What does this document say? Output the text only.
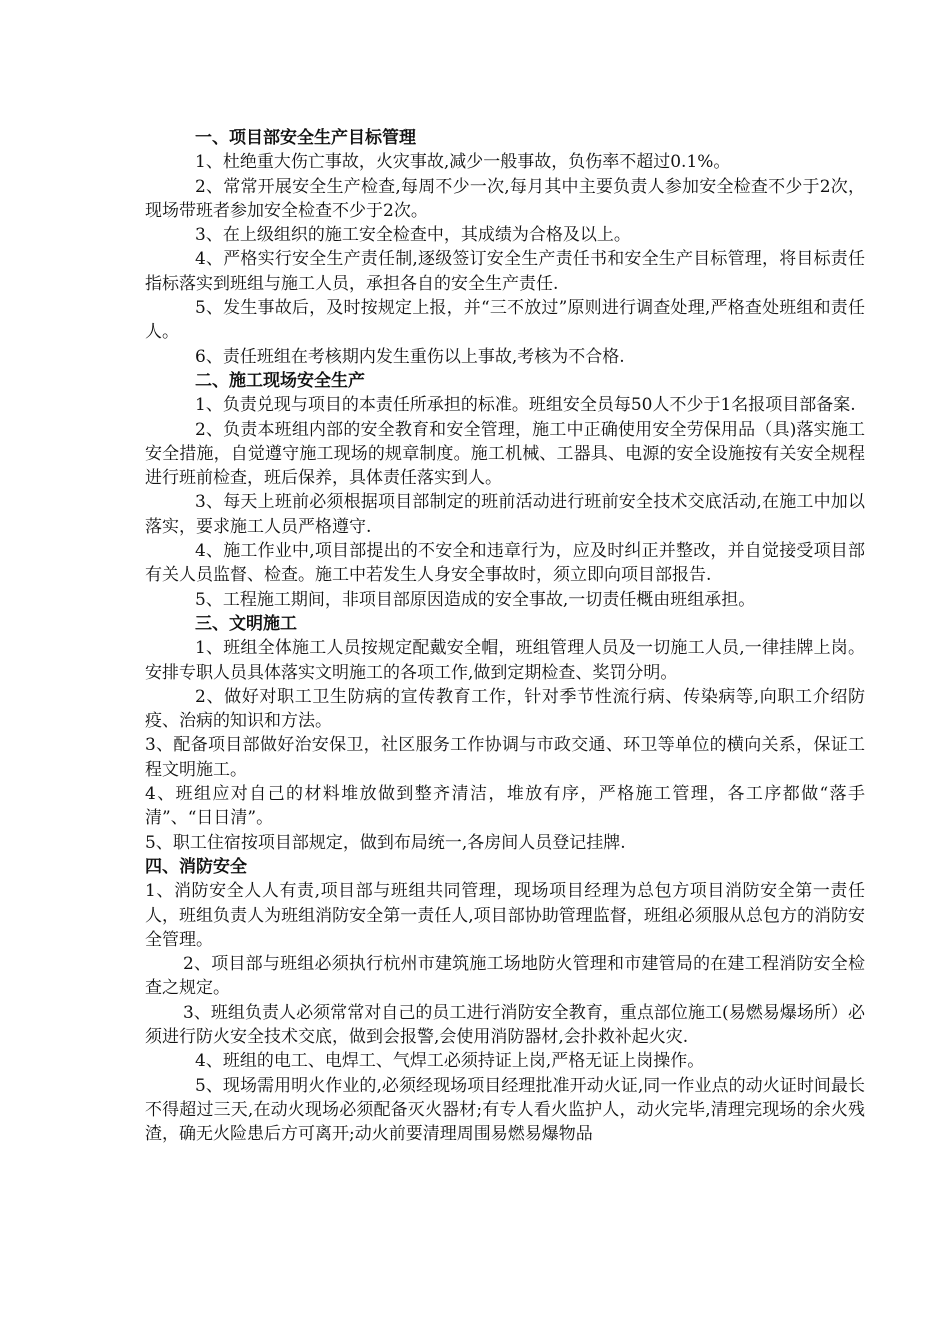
一、项目部安全生产目标管理

1、杜绝重大伤亡事故，火灾事故,减少一般事故，负伤率不超过0.1%。

2、常常开展安全生产检查,每周不少一次,每月其中主要负责人参加安全检查不少于2次，现场带班者参加安全检查不少于2次。

3、在上级组织的施工安全检查中，其成绩为合格及以上。

4、严格实行安全生产责任制,逐级签订安全生产责任书和安全生产目标管理，将目标责任指标落实到班组与施工人员，承担各自的安全生产责任.

5、发生事故后，及时按规定上报，并“三不放过”原则进行调查处理,严格查处班组和责任人。

6、责任班组在考核期内发生重伤以上事故,考核为不合格.

二、施工现场安全生产

1、负责兑现与项目的本责任所承担的标准。班组安全员每50人不少于1名报项目部备案.

2、负责本班组内部的安全教育和安全管理，施工中正确使用安全劳保用品（具)落实施工安全措施，自觉遵守施工现场的规章制度。施工机械、工器具、电源的安全设施按有关安全规程进行班前检查，班后保养，具体责任落实到人。

3、每天上班前必须根据项目部制定的班前活动进行班前安全技术交底活动,在施工中加以落实，要求施工人员严格遵守.

4、施工作业中,项目部提出的不安全和违章行为，应及时纠正并整改，并自觉接受项目部有关人员监督、检查。施工中若发生人身安全事故时，须立即向项目部报告.

5、工程施工期间，非项目部原因造成的安全事故,一切责任概由班组承担。

三、文明施工

1、班组全体施工人员按规定配戴安全帽，班组管理人员及一切施工人员,一律挂牌上岗。安排专职人员具体落实文明施工的各项工作,做到定期检查、奖罚分明。

2、做好对职工卫生防病的宣传教育工作，针对季节性流行病、传染病等,向职工介绍防疫、治病的知识和方法。

3、配备项目部做好治安保卫，社区服务工作协调与市政交通、环卫等单位的横向关系，保证工程文明施工。

4、班组应对自己的材料堆放做到整齐清洁，堆放有序，严格施工管理，各工序都做“落手清”、“日日清”。

5、职工住宿按项目部规定，做到布局统一,各房间人员登记挂牌.

四、消防安全

1、消防安全人人有责,项目部与班组共同管理，现场项目经理为总包方项目消防安全第一责任人，班组负责人为班组消防安全第一责任人,项目部协助管理监督，班组必须服从总包方的消防安全管理。

2、项目部与班组必须执行杭州市建筑施工场地防火管理和市建管局的在建工程消防安全检查之规定。

3、班组负责人必须常常对自己的员工进行消防安全教育，重点部位施工(易燃易爆场所）必须进行防火安全技术交底，做到会报警,会使用消防器材,会扑救补起火灾.

4、班组的电工、电焊工、气焊工必须持证上岗,严格无证上岗操作。

5、现场需用明火作业的,必须经现场项目经理批准开动火证,同一作业点的动火证时间最长不得超过三天,在动火现场必须配备灭火器材;有专人看火监护人，动火完毕,清理完现场的余火残渣，确无火险患后方可离开;动火前要清理周围易燃易爆物品
